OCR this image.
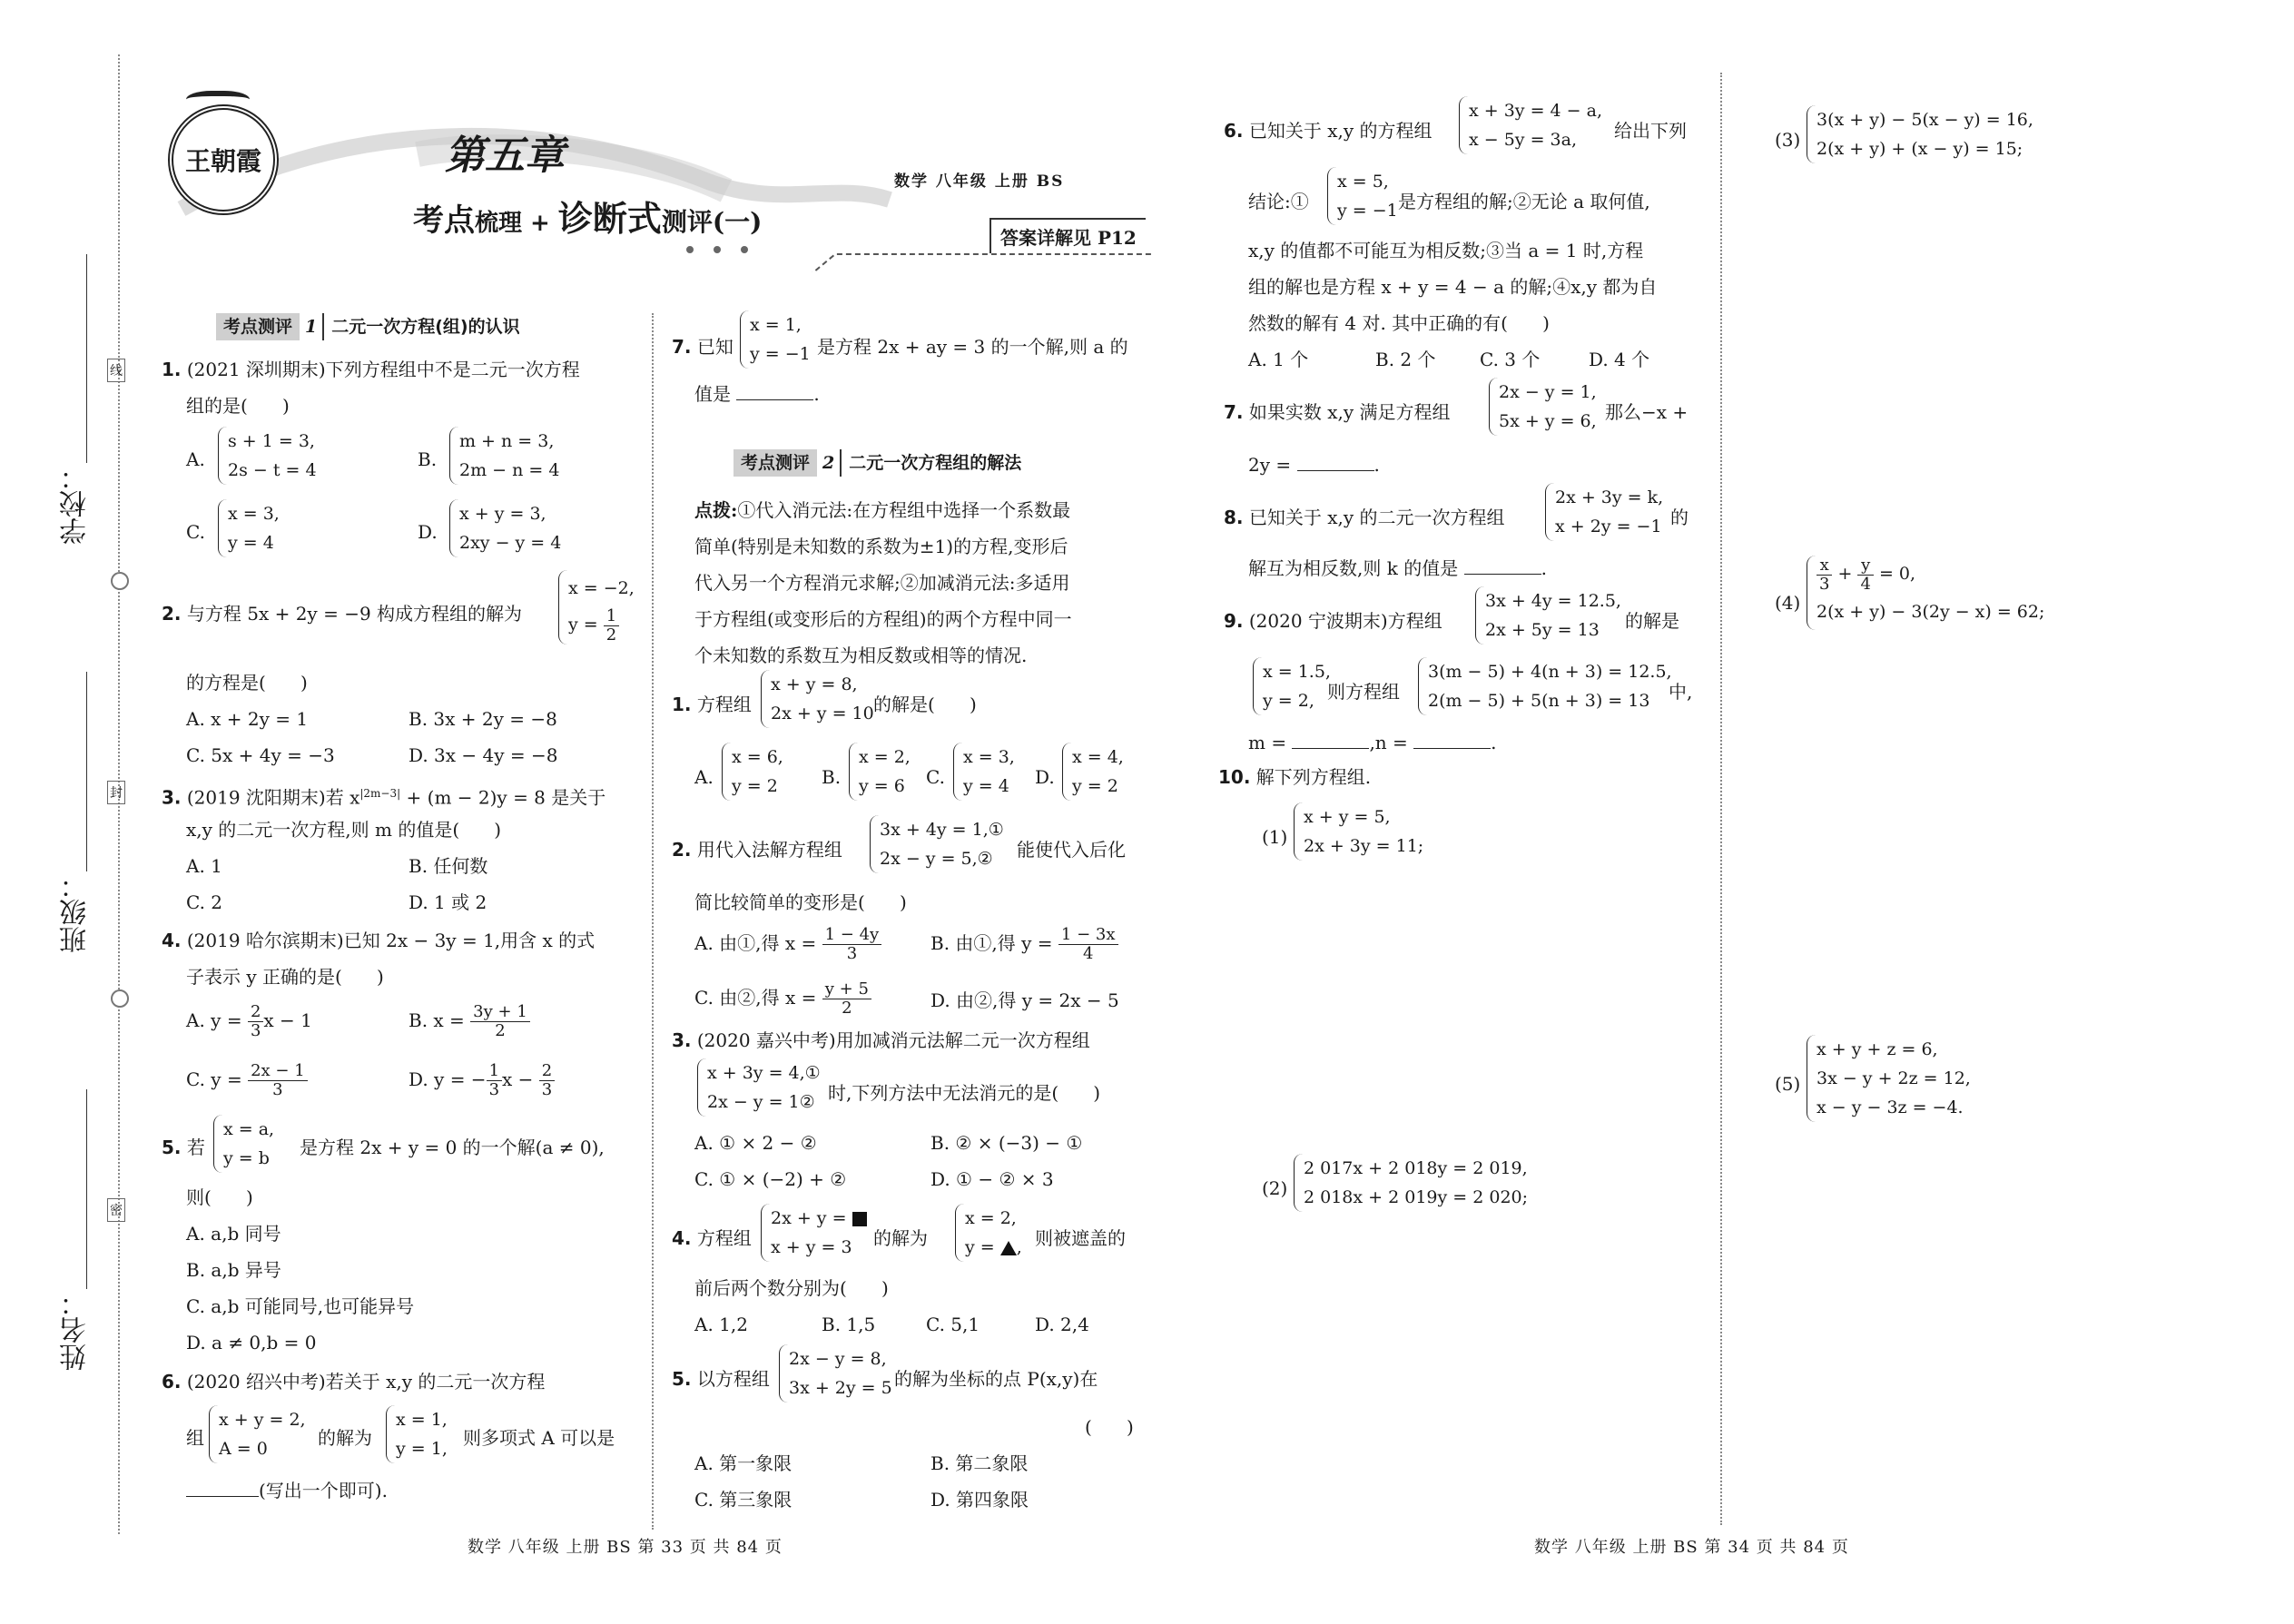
学校：
班级：
姓名：
线
封
密
王朝霞	第五章
考点梳理 + 诊断式测评(一)
数学 八年级 上册 BS
答案详解见 P12
考点测评 1 二元一次方程(组)的认识
1. (2021 深圳期末)下列方程组中不是二元一次方程
组的是(      )
A.
s + 1 = 3,
2s − t = 4	B.
m + n = 3,
2m − n = 4
C.
x = 3,
y = 4	D.
x + y = 3,
2xy − y = 4
2. 与方程 5x + 2y = −9 构成方程组的解为
x = −2,
$y = \frac{1}{2}$
的方程是(      )
A. x + 2y = 1	B. 3x + 2y = −8
C. 5x + 4y = −3	D. 3x − 4y = −8
3. (2019 沈阳期末)若 $x^{|2m-3|} + (m - 2)y = 8$ 是关于
x,y 的二元一次方程,则 m 的值是(      )
A. 1	B. 任何数
C. 2	D. 1 或 2
4. (2019 哈尔滨期末)已知 2x − 3y = 1,用含 x 的式
子表示 y 正确的是(      )
A. $y = \frac{2}{3}$ x − 1	B. $x = \frac{3y + 1}{2}$
C. $y = \frac{2x - 1}{3}$	D. y = − $\frac{1}{3}$ $x - \frac{2}{3}$
5. 若
x = a,
y = b 是方程 2x + y = 0 的一个解(a ≠ 0),
则(      )
A. a,b 同号
B. a,b 异号
C. a,b 可能同号,也可能异号
D. a ≠ 0,b = 0
6. (2020 绍兴中考)若关于 x,y 的二元一次方程
组
x + y = 2,
A = 0	的解为
x = 1,
y = 1, 则多项式 A 可以是
(写出一个即可).
7. 已知
x = 1,
y = −1 是方程 2x + ay = 3 的一个解,则 a 的
值是	.
考点测评 2 二元一次方程组的解法
点拨:①代入消元法:在方程组中选择一个系数最
简单(特别是未知数的系数为±1)的方程,变形后
代入另一个方程消元求解;②加减消元法:多适用
于方程组(或变形后的方程组)的两个方程中同一
个未知数的系数互为相反数或相等的情况.
1. 方程组
x + y = 8,
2x + y = 10 的解是(      )
A.
x = 6,
y = 2	B.
x = 2,
y = 6	C.
x = 3,
y = 4	D.
x = 4,
y = 2
2. 用代入法解方程组
3x + 4y = 1,①
2x − y = 5,②	能使代入后化
简比较简单的变形是(      )
A. 由①,得 $x = \frac{1 - 4y}{3}$	B. 由①,得 $y = \frac{1 - 3x}{4}$
C. 由②,得 $x = \frac{y + 5}{2}$	D. 由②,得 y = 2x − 5
3. (2020 嘉兴中考)用加减消元法解二元一次方程组
x + 3y = 4,①
2x − y = 1② 时,下列方法中无法消元的是(      )
A. ① × 2 − ②	B. ② × (−3) − ①
C. ① × (−2) + ②	D. ① − ② × 3
4. 方程组
2x + y =
x + y = 3	的解为
x = 2,
y = , 则被遮盖的
前后两个数分别为(      )
A. 1,2	B. 1,5	C. 5,1	D. 2,4
5. 以方程组
2x − y = 8,
3x + 2y = 5 的解为坐标的点 P(x,y)在
(      )
A. 第一象限	B. 第二象限
C. 第三象限	D. 第四象限
6. 已知关于 x,y 的方程组
x + 3y = 4 − a,
x − 5y = 3a,	给出下列
结论:①
x = 5,
y = −1 是方程组的解;②无论 a 取何值,
x,y 的值都不可能互为相反数;③当 a = 1 时,方程
组的解也是方程 x + y = 4 − a 的解;④x,y 都为自
然数的解有 4 对. 其中正确的有(      )
A. 1 个	B. 2 个 C. 3 个	D. 4 个
7. 如果实数 x,y 满足方程组
2x − y = 1,
5x + y = 6, 那么−x +
2y =	.
8. 已知关于 x,y 的二元一次方程组
2x + 3y = k,
x + 2y = −1 的
解互为相反数,则 k 的值是	.
9. (2020 宁波期末)方程组
3x + 4y = 12.5,
2x + 5y = 13	的解是
x = 1.5,
y = 2, 则方程组
3(m − 5) + 4(n + 3) = 12.5,
2(m − 5) + 5(n + 3) = 13	中,
m =	,n =	.
10. 解下列方程组.
(1)
x + y = 5,
2x + 3y = 11;
(2)
2 017x + 2 018y = 2 019,
2 018x + 2 019y = 2 020;
(3)
3(x + y) − 5(x − y) = 16,
2(x + y) + (x − y) = 15;
(4)
$\frac{x}{3} + \frac{y}{4} = 0$,
2(x + y) − 3(2y − x) = 62;
(5)
x + y + z = 6,
3x − y + 2z = 12,
x − y − 3z = −4.
数学 八年级 上册 BS 第 33 页 共 84 页	数学 八年级 上册 BS 第 34 页 共 84 页
